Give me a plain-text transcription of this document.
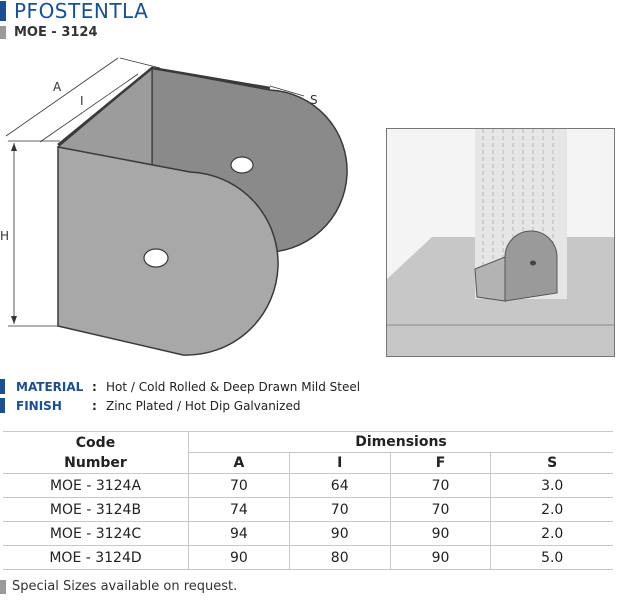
PFOSTENTLA
MOE - 3124
A
I	S
H
MATERIAL : Hot / Cold Rolled & Deep Drawn Mild Steel
FINISH	: Zinc Plated / Hot Dip Galvanized
Code
Number	Dimensions			
	A	I	F	S
MOE - 3124A	70	64	70	3.0
MOE - 3124B	74	70	70	2.0
MOE - 3124C	94	90	90	2.0
MOE - 3124D	90	80	90	5.0
Special Sizes available on request.
